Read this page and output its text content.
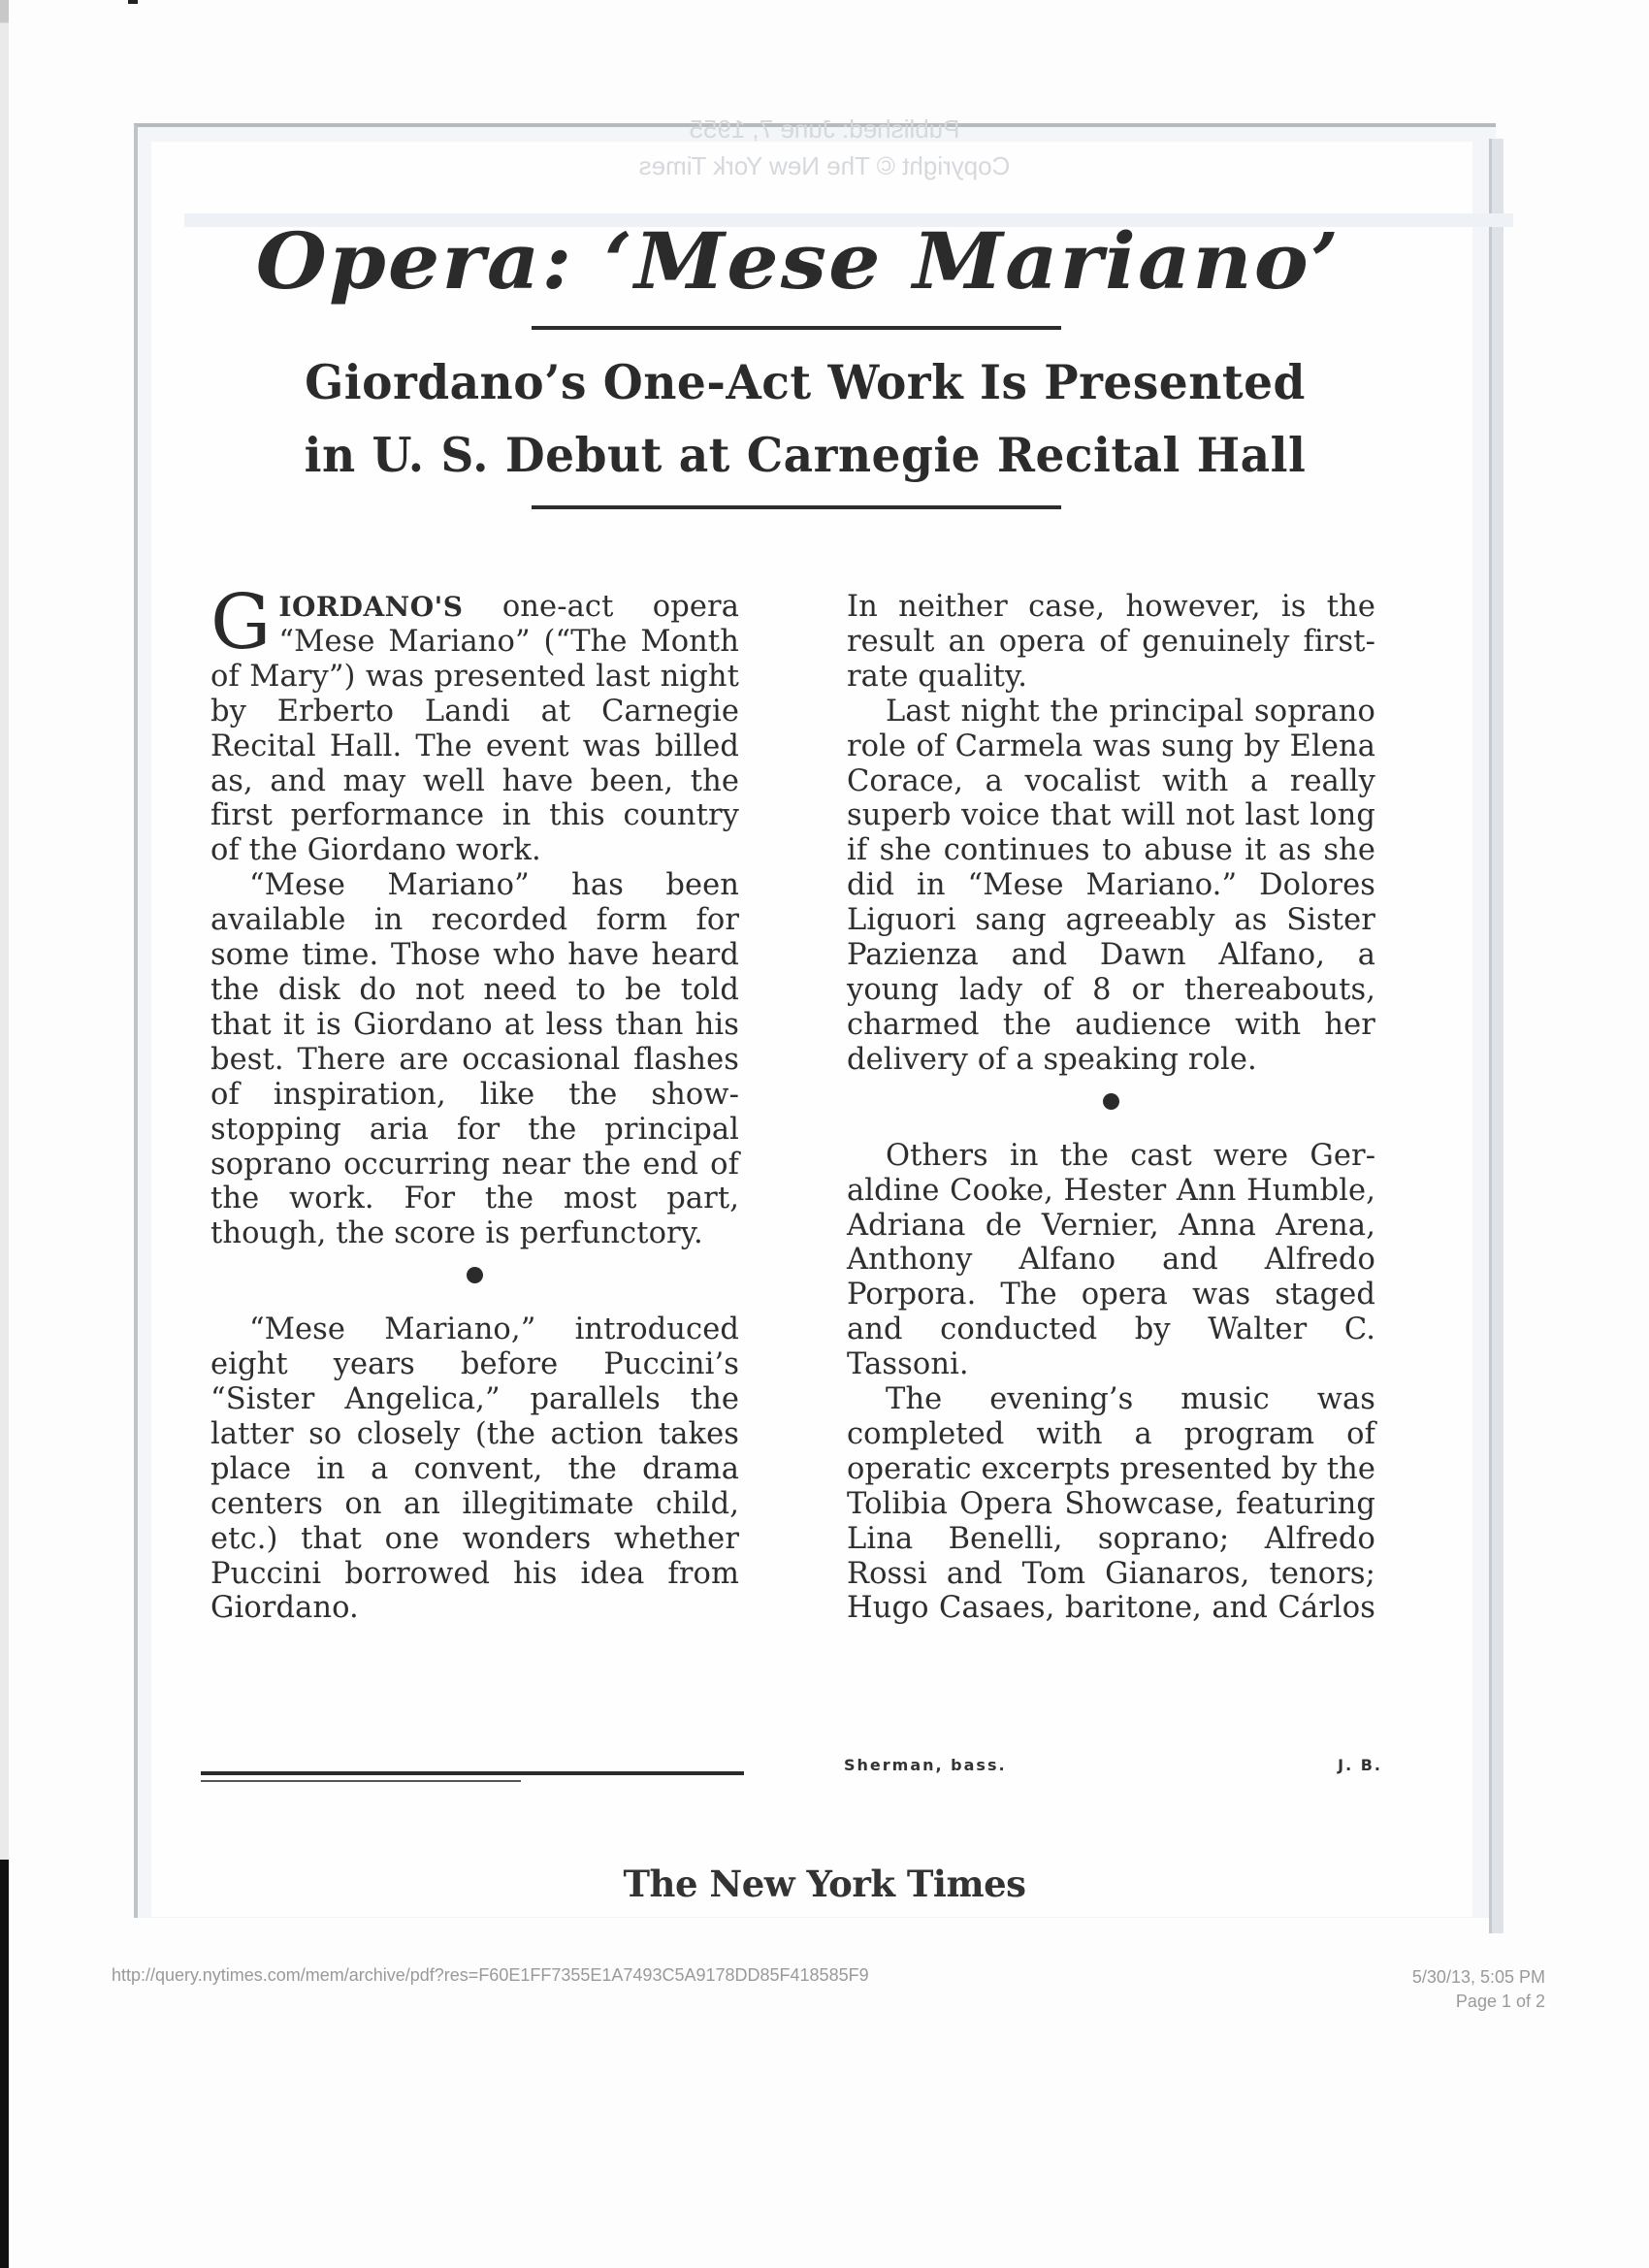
Published: June 7, 1955
Copyright © The New York Times
Opera: ‘Mese Mariano’
Giordano’s One-Act Work Is Presented
in U. S. Debut at Carnegie Recital Hall

GIORDANO'S one-act opera “Mese Mariano” (“The Month of Mary”) was presented last night by Erberto Landi at Carnegie Recital Hall. The event was billed as, and may well have been, the first performance in this country of the Giordano work.

“Mese Mariano” has been available in recorded form for some time. Those who have heard the disk do not need to be told that it is Giordano at less than his best. There are occasional flashes of inspiration, like the show-stopping aria for the principal soprano occurring near the end of the work. For the most part, though, the score is perfunctory.

“Mese Mariano,” introduced eight years before Puccini’s “Sister Angelica,” parallels the latter so closely (the action takes place in a convent, the drama centers on an illegitimate child, etc.) that one wonders whether Puccini borrowed his idea from Giordano.

In neither case, however, is the result an opera of genuinely first-rate quality.

Last night the principal soprano role of Carmela was sung by Elena Corace, a vocalist with a really superb voice that will not last long if she continues to abuse it as she did in “Mese Mariano.” Dolores Liguori sang agreeably as Sister Pazienza and Dawn Alfano, a young lady of 8 or thereabouts, charmed the audience with her delivery of a speaking role.

Others in the cast were Geraldine Cooke, Hester Ann Humble, Adriana de Vernier, Anna Arena, Anthony Alfano and Alfredo Porpora. The opera was staged and conducted by Walter C. Tassoni.

The evening’s music was completed with a program of operatic excerpts presented by the Tolibia Opera Showcase, featuring Lina Benelli, soprano; Alfredo Rossi and Tom Gianaros, tenors; Hugo Casaes, baritone, and Cárlos

Sherman, bass.	J. B.
The New York Times
http://query.nytimes.com/mem/archive/pdf?res=F60E1FF7355E1A7493C5A9178DD85F418585F9	5/30/13, 5:05 PM
Page 1 of 2
